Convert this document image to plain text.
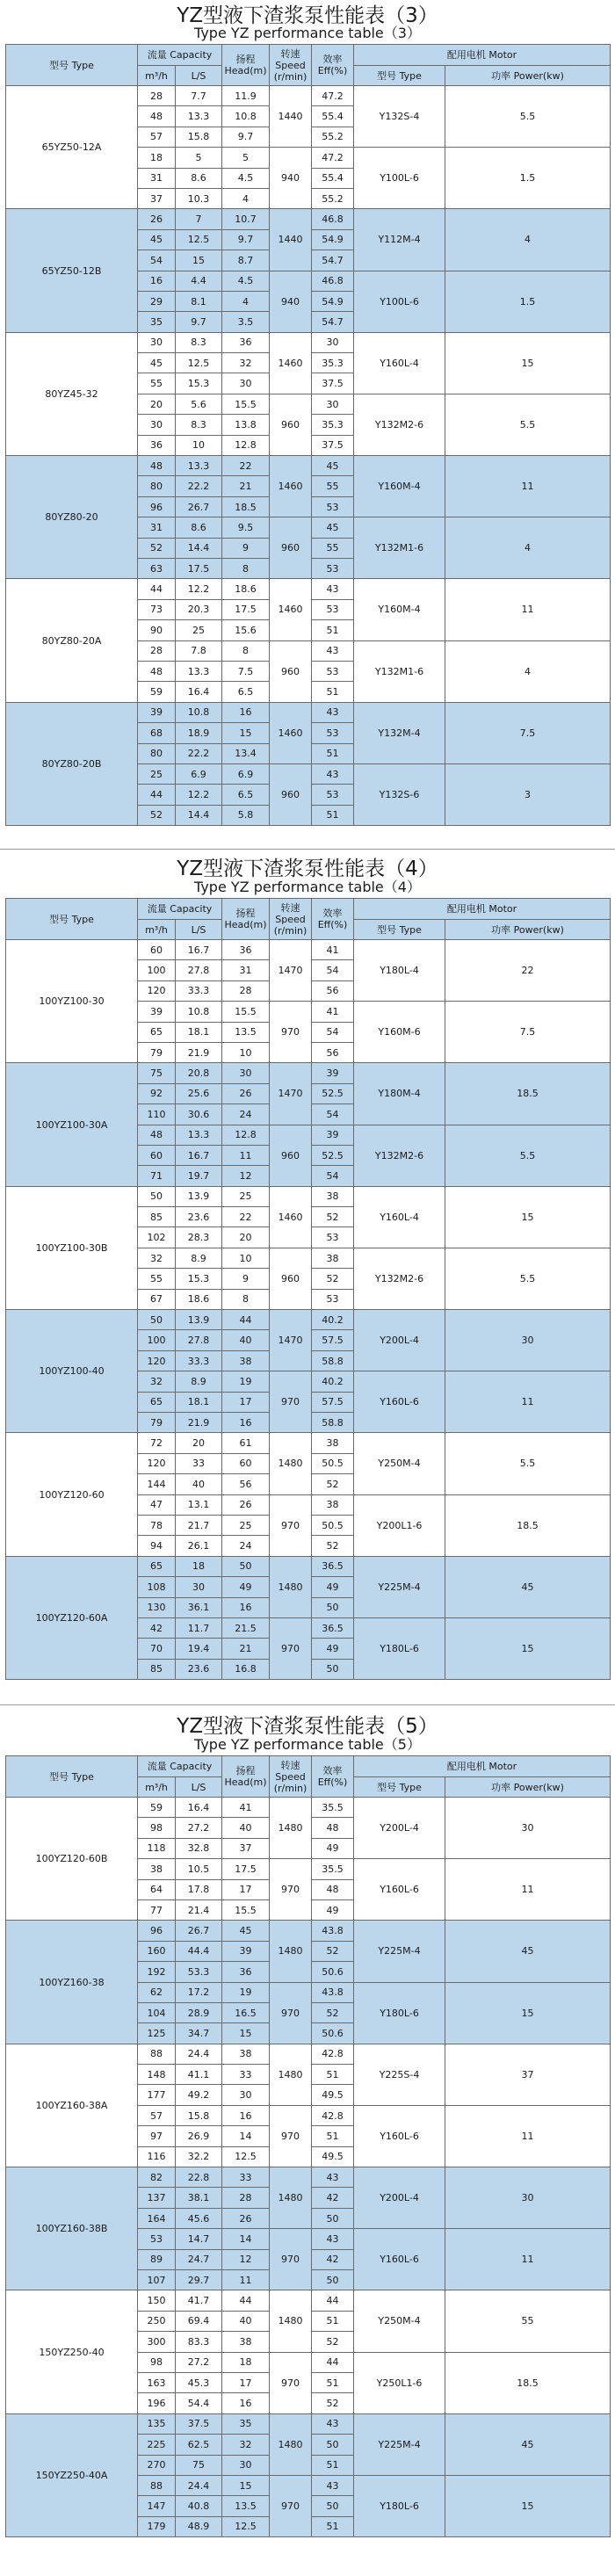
YZ型液下渣浆泵性能表（3）
Type YZ performance table（3）
型号 Type	流量 Capacity		扬程 Head(m)	转速 Speed (r/min)	效率 Eff(%)	配用电机 Motor	
	m³/h	L/S				型号 Type	功率 Power(kw)
65YZ50-12A	28	7.7	11.9	1440	47.2	Y132S-4	5.5
	48	13.3	10.8		55.4		
	57	15.8	9.7		55.2		
	18	5	5	940	47.2	Y100L-6	1.5
	31	8.6	4.5		55.4		
	37	10.3	4		55.2		
65YZ50-12B	26	7	10.7	1440	46.8	Y112M-4	4
	45	12.5	9.7		54.9		
	54	15	8.7		54.7		
	16	4.4	4.5	940	46.8	Y100L-6	1.5
	29	8.1	4		54.9		
	35	9.7	3.5		54.7		
80YZ45-32	30	8.3	36	1460	30	Y160L-4	15
	45	12.5	32		35.3		
	55	15.3	30		37.5		
	20	5.6	15.5	960	30	Y132M2-6	5.5
	30	8.3	13.8		35.3		
	36	10	12.8		37.5		
80YZ80-20	48	13.3	22	1460	45	Y160M-4	11
	80	22.2	21		55		
	96	26.7	18.5		53		
	31	8.6	9.5	960	45	Y132M1-6	4
	52	14.4	9		55		
	63	17.5	8		53		
80YZ80-20A	44	12.2	18.6	1460	43	Y160M-4	11
	73	20.3	17.5		53		
	90	25	15.6		51		
	28	7.8	8	960	43	Y132M1-6	4
	48	13.3	7.5		53		
	59	16.4	6.5		51		
80YZ80-20B	39	10.8	16	1460	43	Y132M-4	7.5
	68	18.9	15		53		
	80	22.2	13.4		51		
	25	6.9	6.9	960	43	Y132S-6	3
	44	12.2	6.5		53		
	52	14.4	5.8		51		
YZ型液下渣浆泵性能表（4）
Type YZ performance table（4）
型号 Type	流量 Capacity		扬程 Head(m)	转速 Speed (r/min)	效率 Eff(%)	配用电机 Motor	
	m³/h	L/S				型号 Type	功率 Power(kw)
100YZ100-30	60	16.7	36	1470	41	Y180L-4	22
	100	27.8	31		54		
	120	33.3	28		56		
	39	10.8	15.5	970	41	Y160M-6	7.5
	65	18.1	13.5		54		
	79	21.9	10		56		
100YZ100-30A	75	20.8	30	1470	39	Y180M-4	18.5
	92	25.6	26		52.5		
	110	30.6	24		54		
	48	13.3	12.8	960	39	Y132M2-6	5.5
	60	16.7	11		52.5		
	71	19.7	12		54		
100YZ100-30B	50	13.9	25	1460	38	Y160L-4	15
	85	23.6	22		52		
	102	28.3	20		53		
	32	8.9	10	960	38	Y132M2-6	5.5
	55	15.3	9		52		
	67	18.6	8		53		
100YZ100-40	50	13.9	44	1470	40.2	Y200L-4	30
	100	27.8	40		57.5		
	120	33.3	38		58.8		
	32	8.9	19	970	40.2	Y160L-6	11
	65	18.1	17		57.5		
	79	21.9	16		58.8		
100YZ120-60	72	20	61	1480	38	Y250M-4	5.5
	120	33	60		50.5		
	144	40	56		52		
	47	13.1	26	970	38	Y200L1-6	18.5
	78	21.7	25		50.5		
	94	26.1	24		52		
100YZ120-60A	65	18	50	1480	36.5	Y225M-4	45
	108	30	49		49		
	130	36.1	16		50		
	42	11.7	21.5	970	36.5	Y180L-6	15
	70	19.4	21		49		
	85	23.6	16.8		50		
YZ型液下渣浆泵性能表（5）
Type YZ performance table（5）
型号 Type	流量 Capacity		扬程 Head(m)	转速 Speed (r/min)	效率 Eff(%)	配用电机 Motor	
	m³/h	L/S				型号 Type	功率 Power(kw)
100YZ120-60B	59	16.4	41	1480	35.5	Y200L-4	30
	98	27.2	40		48		
	118	32.8	37		49		
	38	10.5	17.5	970	35.5	Y160L-6	11
	64	17.8	17		48		
	77	21.4	15.5		49		
100YZ160-38	96	26.7	45	1480	43.8	Y225M-4	45
	160	44.4	39		52		
	192	53.3	36		50.6		
	62	17.2	19	970	43.8	Y180L-6	15
	104	28.9	16.5		52		
	125	34.7	15		50.6		
100YZ160-38A	88	24.4	38	1480	42.8	Y225S-4	37
	148	41.1	33		51		
	177	49.2	30		49.5		
	57	15.8	16	970	42.8	Y160L-6	11
	97	26.9	14		51		
	116	32.2	12.5		49.5		
100YZ160-38B	82	22.8	33	1480	43	Y200L-4	30
	137	38.1	28		42		
	164	45.6	26		50		
	53	14.7	14	970	43	Y160L-6	11
	89	24.7	12		42		
	107	29.7	11		50		
150YZ250-40	150	41.7	44	1480	44	Y250M-4	55
	250	69.4	40		51		
	300	83.3	38		52		
	98	27.2	18	970	44	Y250L1-6	18.5
	163	45.3	17		51		
	196	54.4	16		52		
150YZ250-40A	135	37.5	35	1480	43	Y225M-4	45
	225	62.5	32		50		
	270	75	30		51		
	88	24.4	15	970	43	Y180L-6	15
	147	40.8	13.5		50		
	179	48.9	12.5		51		
